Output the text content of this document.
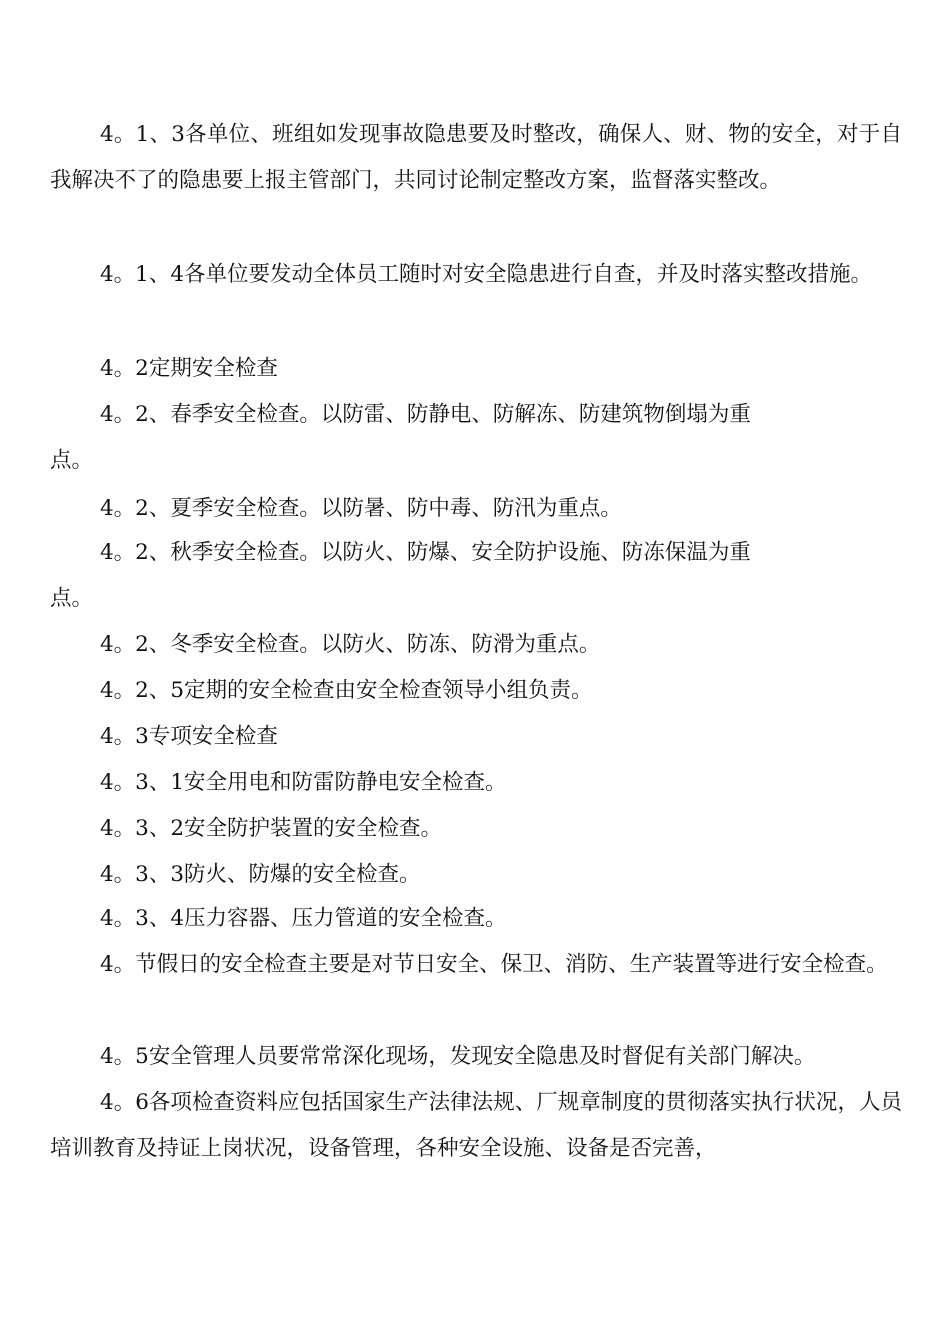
4。1、3各单位、班组如发现事故隐患要及时整改，确保人、财、物的安全，对于自我解决不了的隐患要上报主管部门，共同讨论制定整改方案，监督落实整改。

4。1、4各单位要发动全体员工随时对安全隐患进行自查，并及时落实整改措施。

4。2定期安全检查

4。2、春季安全检查。以防雷、防静电、防解冻、防建筑物倒塌为重
点。

4。2、夏季安全检查。以防暑、防中毒、防汛为重点。

4。2、秋季安全检查。以防火、防爆、安全防护设施、防冻保温为重
点。

4。2、冬季安全检查。以防火、防冻、防滑为重点。

4。2、5定期的安全检查由安全检查领导小组负责。

4。3专项安全检查

4。3、1安全用电和防雷防静电安全检查。

4。3、2安全防护装置的安全检查。

4。3、3防火、防爆的安全检查。

4。3、4压力容器、压力管道的安全检查。

4。节假日的安全检查主要是对节日安全、保卫、消防、生产装置等进行安全检查。

4。5安全管理人员要常常深化现场，发现安全隐患及时督促有关部门解决。

4。6各项检查资料应包括国家生产法律法规、厂规章制度的贯彻落实执行状况，人员培训教育及持证上岗状况，设备管理，各种安全设施、设备是否完善，
